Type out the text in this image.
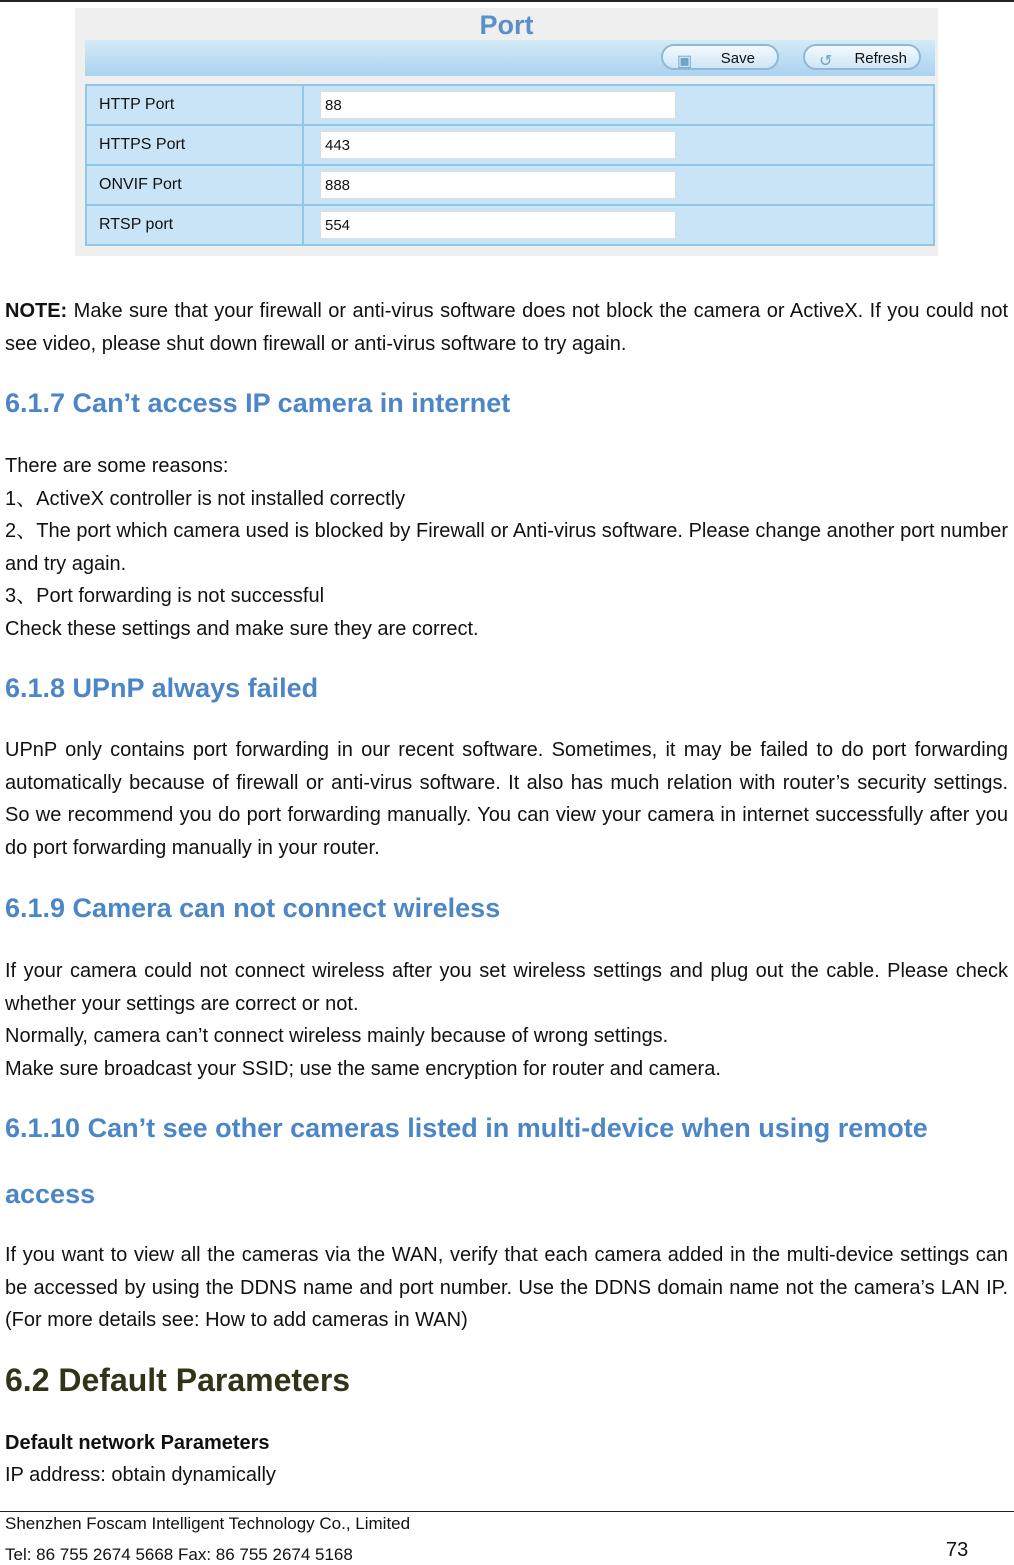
Port
▣ Save	↺ Refresh
HTTP Port	88

HTTPS Port	443

ONVIF Port	888

RTSP port	554
NOTE: Make sure that your firewall or anti-virus software does not block the camera or ActiveX. If you could not see video, please shut down firewall or anti-virus software to try again.
6.1.7 Can’t access IP camera in internet
There are some reasons:
1、ActiveX controller is not installed correctly
2、The port which camera used is blocked by Firewall or Anti-virus software. Please change another port number and try again.
3、Port forwarding is not successful
Check these settings and make sure they are correct.
6.1.8 UPnP always failed
UPnP only contains port forwarding in our recent software. Sometimes, it may be failed to do port forwarding automatically because of firewall or anti-virus software. It also has much relation with router’s security settings. So we recommend you do port forwarding manually. You can view your camera in internet successfully after you do port forwarding manually in your router.
6.1.9 Camera can not connect wireless
If your camera could not connect wireless after you set wireless settings and plug out the cable. Please check whether your settings are correct or not.
Normally, camera can’t connect wireless mainly because of wrong settings.
Make sure broadcast your SSID; use the same encryption for router and camera.
6.1.10 Can’t see other cameras listed in multi-device when using remote
access
If you want to view all the cameras via the WAN, verify that each camera added in the multi-device settings can be accessed by using the DDNS name and port number. Use the DDNS domain name not the camera’s LAN IP. (For more details see: How to add cameras in WAN)
6.2 Default Parameters
Default network Parameters
IP address: obtain dynamically
Shenzhen Foscam Intelligent Technology Co., Limited
Tel: 86 755 2674 5668 Fax: 86 755 2674 5168	73
